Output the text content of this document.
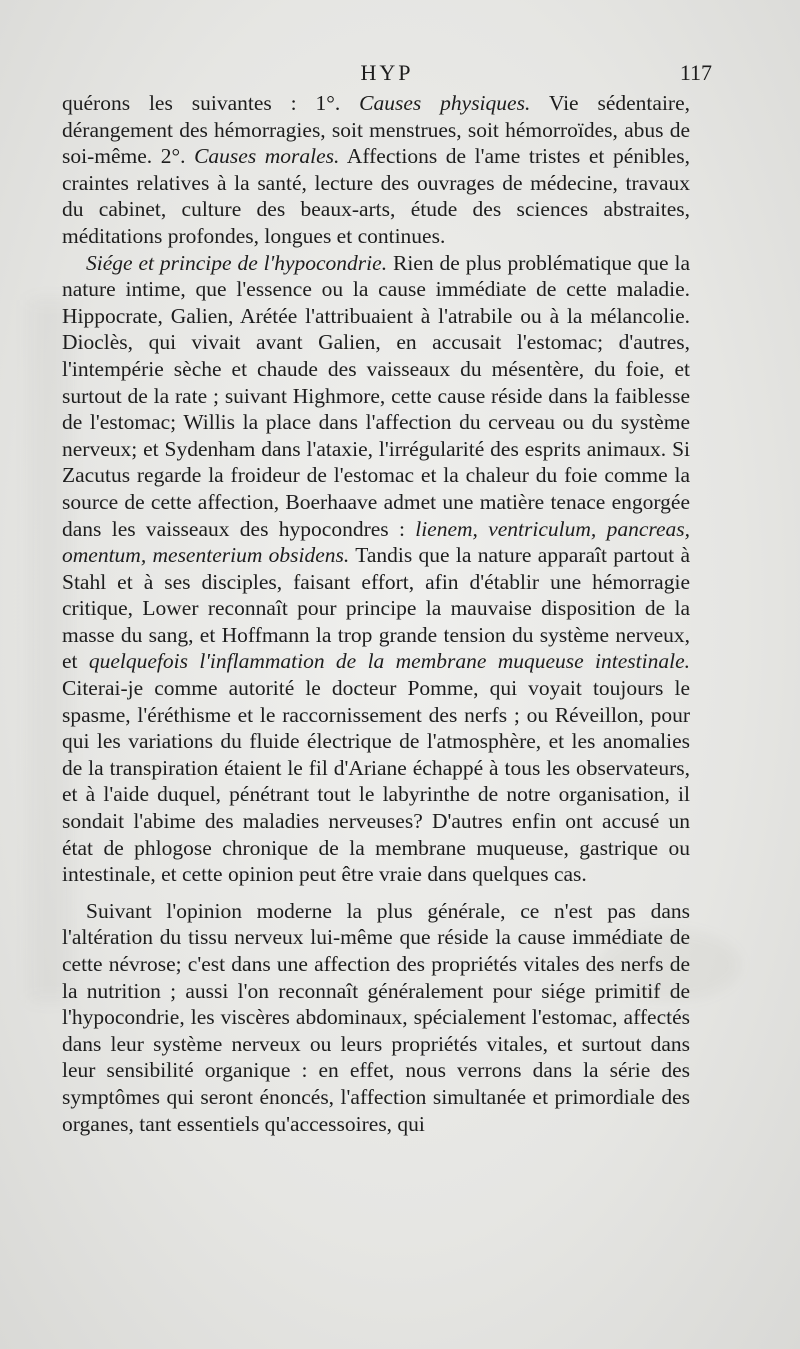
HYP	117

quérons les suivantes : 1°. Causes physiques. Vie sédentaire, dérangement des hémorragies, soit menstrues, soit hémorroïdes, abus de soi-même. 2°. Causes morales. Affections de l'ame tristes et pénibles, craintes relatives à la santé, lecture des ouvrages de médecine, travaux du cabinet, culture des beaux-arts, étude des sciences abstraites, méditations profondes, longues et continues.

Siége et principe de l'hypocondrie. Rien de plus problématique que la nature intime, que l'essence ou la cause immédiate de cette maladie. Hippocrate, Galien, Arétée l'attribuaient à l'atrabile ou à la mélancolie. Dioclès, qui vivait avant Galien, en accusait l'estomac; d'autres, l'intempérie sèche et chaude des vaisseaux du mésentère, du foie, et surtout de la rate ; suivant Highmore, cette cause réside dans la faiblesse de l'estomac; Willis la place dans l'affection du cerveau ou du système nerveux; et Sydenham dans l'ataxie, l'irrégularité des esprits animaux. Si Zacutus regarde la froideur de l'estomac et la chaleur du foie comme la source de cette affection, Boerhaave admet une matière tenace engorgée dans les vaisseaux des hypocondres : lienem, ventriculum, pancreas, omentum, mesenterium obsidens. Tandis que la nature apparaît partout à Stahl et à ses disciples, faisant effort, afin d'établir une hémorragie critique, Lower reconnaît pour principe la mauvaise disposition de la masse du sang, et Hoffmann la trop grande tension du système nerveux, et quelquefois l'inflammation de la membrane muqueuse intestinale. Citerai-je comme autorité le docteur Pomme, qui voyait toujours le spasme, l'éréthisme et le raccornissement des nerfs ; ou Réveillon, pour qui les variations du fluide électrique de l'atmosphère, et les anomalies de la transpiration étaient le fil d'Ariane échappé à tous les observateurs, et à l'aide duquel, pénétrant tout le labyrinthe de notre organisation, il sondait l'abime des maladies nerveuses? D'autres enfin ont accusé un état de phlogose chronique de la membrane muqueuse, gastrique ou intestinale, et cette opinion peut être vraie dans quelques cas.

Suivant l'opinion moderne la plus générale, ce n'est pas dans l'altération du tissu nerveux lui-même que réside la cause immédiate de cette névrose; c'est dans une affection des propriétés vitales des nerfs de la nutrition ; aussi l'on reconnaît généralement pour siége primitif de l'hypocondrie, les viscères abdominaux, spécialement l'estomac, affectés dans leur système nerveux ou leurs propriétés vitales, et surtout dans leur sensibilité organique : en effet, nous verrons dans la série des symptômes qui seront énoncés, l'affection simultanée et primordiale des organes, tant essentiels qu'accessoires, qui
